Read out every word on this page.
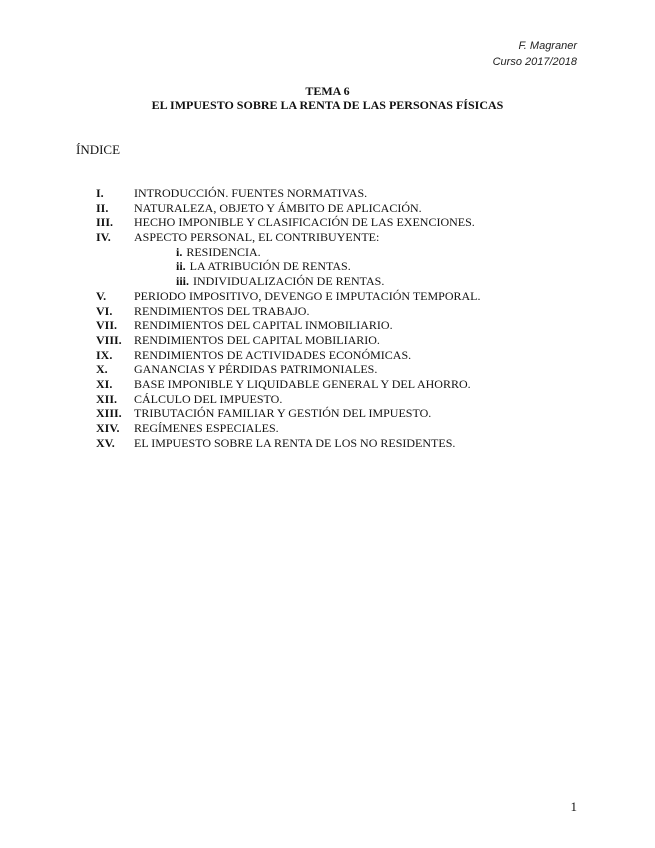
F. Magraner
Curso 2017/2018
TEMA 6
EL IMPUESTO SOBRE LA RENTA DE LAS PERSONAS FÍSICAS
ÍNDICE
I.	INTRODUCCIÓN. FUENTES NORMATIVAS.
II. NATURALEZA, OBJETO Y ÁMBITO DE APLICACIÓN.
III. HECHO IMPONIBLE Y CLASIFICACIÓN DE LAS EXENCIONES.
IV. ASPECTO PERSONAL, EL CONTRIBUYENTE:
i. RESIDENCIA.
ii. LA ATRIBUCIÓN DE RENTAS.
iii. INDIVIDUALIZACIÓN DE RENTAS.
V. PERIODO IMPOSITIVO, DEVENGO E IMPUTACIÓN TEMPORAL.
VI. RENDIMIENTOS DEL TRABAJO.
VII. RENDIMIENTOS DEL CAPITAL INMOBILIARIO.
VIII. RENDIMIENTOS DEL CAPITAL MOBILIARIO.
IX. RENDIMIENTOS DE ACTIVIDADES ECONÓMICAS.
X. GANANCIAS Y PÉRDIDAS PATRIMONIALES.
XI. BASE IMPONIBLE Y LIQUIDABLE GENERAL Y DEL AHORRO.
XII. CÁLCULO DEL IMPUESTO.
XIII. TRIBUTACIÓN FAMILIAR Y GESTIÓN DEL IMPUESTO.
XIV. REGÍMENES ESPECIALES.
XV. EL IMPUESTO SOBRE LA RENTA DE LOS NO RESIDENTES.
1
